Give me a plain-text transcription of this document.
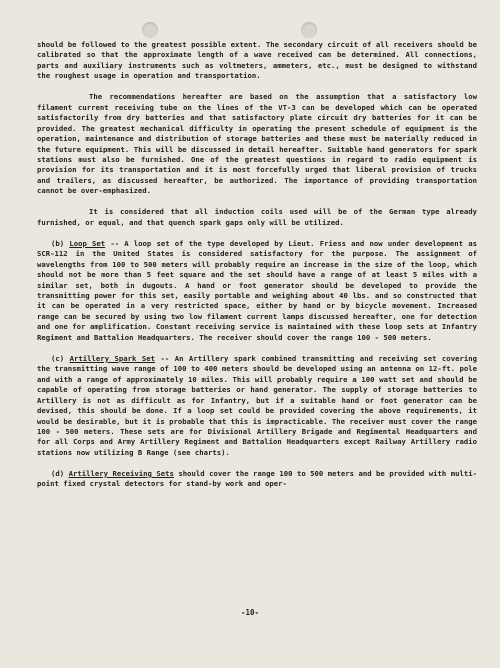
should be followed to the greatest possible extent. The secondary circuit of all receivers should be calibrated so that the approximate length of a wave received can be determined. All connections, parts and auxiliary instruments such as voltmeters, ammeters, etc., must be designed to withstand the roughest usage in operation and transportation.

The recommendations hereafter are based on the assumption that a satisfactory low filament current receiving tube on the lines of the VT-3 can be developed which can be operated satisfactorily from dry batteries and that satisfactory plate circuit dry batteries for it can be provided. The greatest mechanical difficulty in operating the present schedule of equipment is the operation, maintenance and distribution of storage batteries and these must be materially reduced in the future equipment. This will be discussed in detail hereafter. Suitable hand generators for spark stations must also be furnished. One of the greatest questions in regard to radio equipment is provision for its transportation and it is most forcefully urged that liberal provision of trucks and trailers, as discussed hereafter, be authorized. The importance of providing transportation cannot be over-emphasized.

It is considered that all induction coils used will be of the German type already furnished, or equal, and that quench spark gaps only will be utilized.

(b) Loop Set -- A loop set of the type developed by Lieut. Friess and now under development as SCR-112 in the United States is considered satisfactory for the purpose. The assignment of wavelengths from 100 to 500 meters will probably require an increase in the size of the loop, which should not be more than 5 feet square and the set should have a range of at least 5 miles with a similar set, both in dugouts. A hand or foot generator should be developed to provide the transmitting power for this set, easily portable and weighing about 40 lbs. and so constructed that it can be operated in a very restricted space, either by hand or by bicycle movement. Increased range can be secured by using two low filament current lamps discussed hereafter, one for detection and one for amplification. Constant receiving service is maintained with these loop sets at Infantry Regiment and Battalion Headquarters. The receiver should cover the range 100 - 500 meters.

(c) Artillery Spark Set -- An Artillery spark combined transmitting and receiving set covering the transmitting wave range of 100 to 400 meters should be developed using an antenna on 12-ft. pole and with a range of approximately 10 miles. This will probably require a 100 watt set and should be capable of operating from storage batteries or hand generator. The supply of storage batteries to Artillery is not as difficult as for Infantry, but if a suitable hand or foot generator can be devised, this should be done. If a loop set could be provided covering the above requirements, it would be desirable, but it is probable that this is impracticable. The receiver must cover the range 100 - 500 meters. These sets are for Divisional Artillery Brigade and Regimental Headquarters and for all Corps and Army Artillery Regiment and Battalion Headquarters except Railway Artillery radio stations now utilizing B Range (see charts).

(d) Artillery Receiving Sets should cover the range 100 to 500 meters and be provided with multi-point fixed crystal detectors for stand-by work and oper-

-10-
